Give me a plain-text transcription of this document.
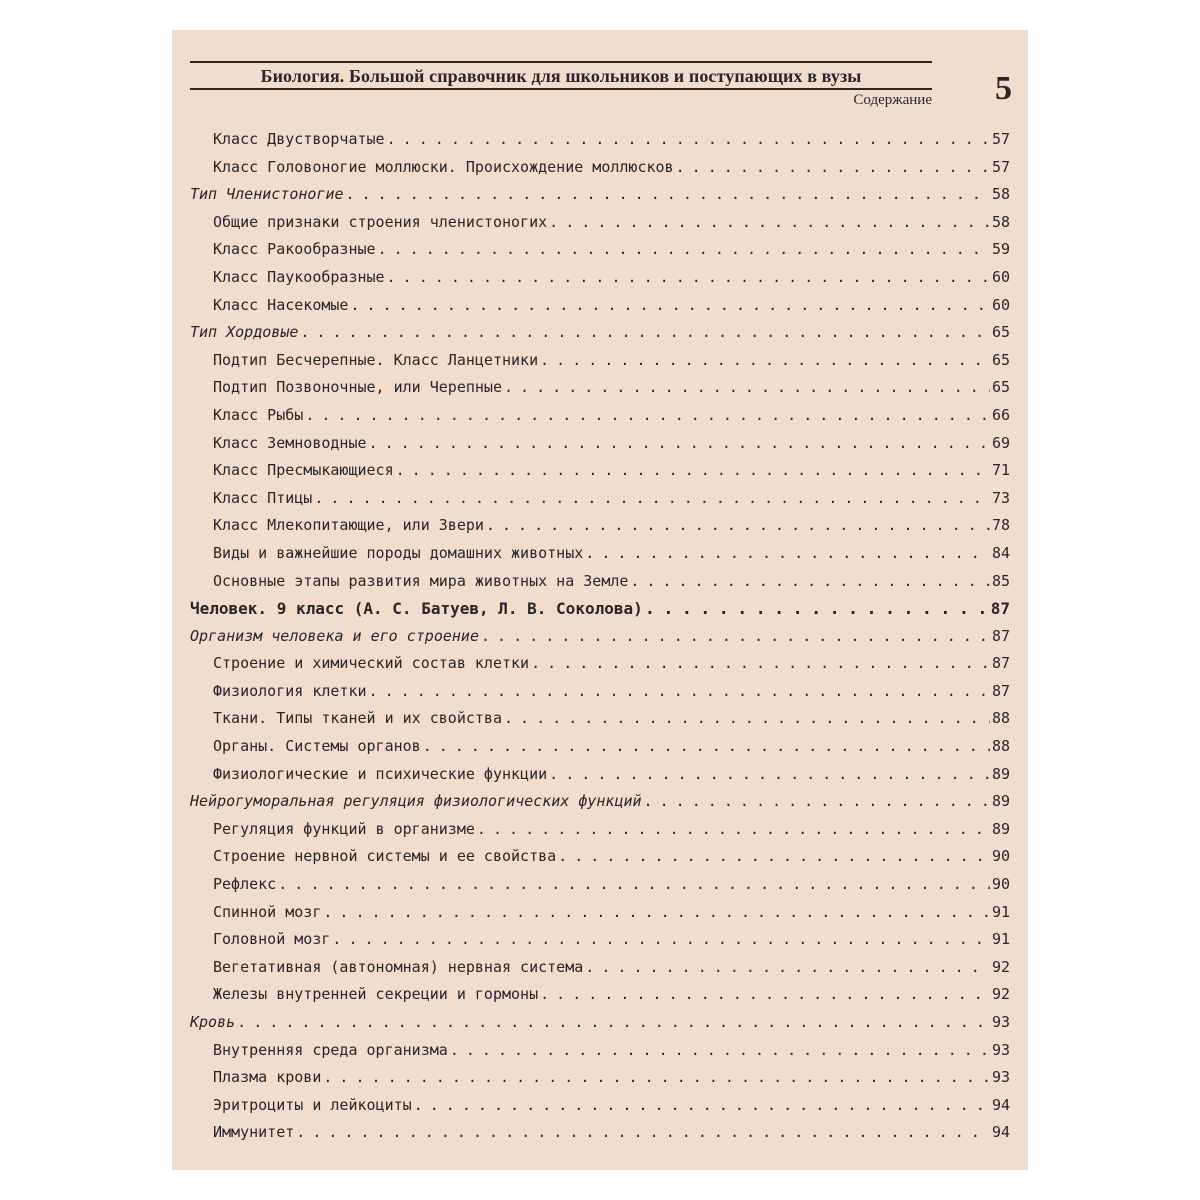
Биология. Большой справочник для школьников и поступающих в вузы
Содержание 5
Класс Двустворчатые . . .	57
Класс Головоногие моллюски. Происхождение моллюсков . . .	57
Тип Членистоногие . . .	58
Общие признаки строения членистоногих . . .	58
Класс Ракообразные . . .	59
Класс Паукообразные . . .	60
Класс Насекомые . . .	60
Тип Хордовые . . .	65
Подтип Бесчерепные. Класс Ланцетники . . .	65
Подтип Позвоночные, или Черепные . . .	65
Класс Рыбы . . .	66
Класс Земноводные . . .	69
Класс Пресмыкающиеся . . .	71
Класс Птицы . . .	73
Класс Млекопитающие, или Звери . . .	78
Виды и важнейшие породы домашних животных . . .	84
Основные этапы развития мира животных на Земле . . .	85
Человек. 9 класс (А. С. Батуев, Л. В. Соколова) . . .	87
Организм человека и его строение . . .	87
Строение и химический состав клетки . . .	87
Физиология клетки . . .	87
Ткани. Типы тканей и их свойства . . .	88
Органы. Системы органов . . .	88
Физиологические и психические функции . . .	89
Нейрогуморальная регуляция физиологических функций . . .	89
Регуляция функций в организме . . .	89
Строение нервной системы и ее свойства . . .	90
Рефлекс . . .	90
Спинной мозг . . .	91
Головной мозг . . .	91
Вегетативная (автономная) нервная система . . .	92
Железы внутренней секреции и гормоны . . .	92
Кровь . . .	93
Внутренняя среда организма . . .	93
Плазма крови . . .	93
Эритроциты и лейкоциты . . .	94
Иммунитет . . .	94
